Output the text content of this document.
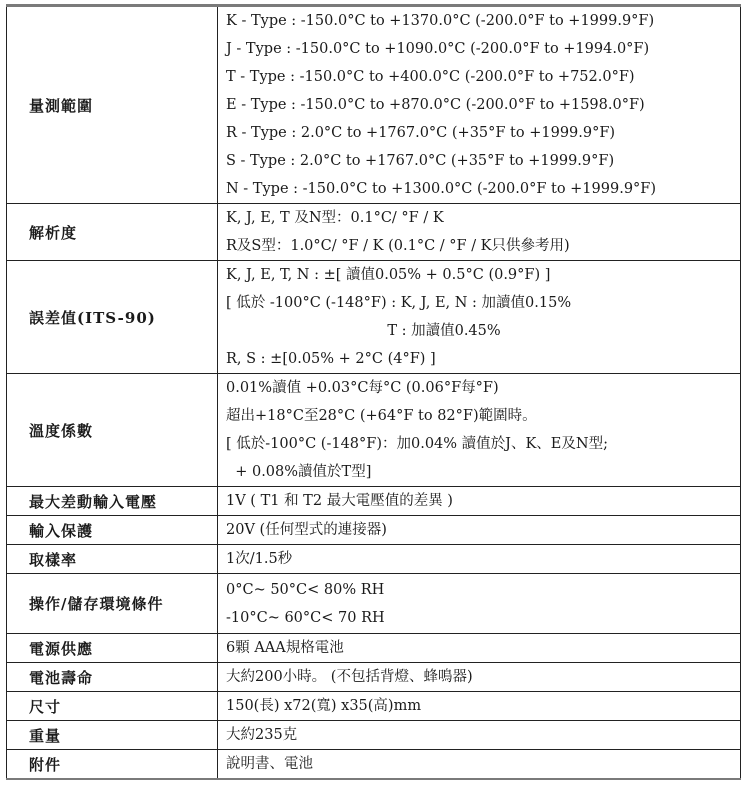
量測範圍	
K - Type : -150.0°C to +1370.0°C (-200.0°F to +1999.9°F)
J - Type : -150.0°C to +1090.0°C (-200.0°F to +1994.0°F)
T - Type : -150.0°C to +400.0°C (-200.0°F to +752.0°F)
E - Type : -150.0°C to +870.0°C (-200.0°F to +1598.0°F)
R - Type : 2.0°C to +1767.0°C (+35°F to +1999.9°F)
S - Type : 2.0°C to +1767.0°C (+35°F to +1999.9°F)
N - Type : -150.0°C to +1300.0°C (-200.0°F to +1999.9°F)

解析度	K, J, E, T 及N型：0.1°C/ °F / K
R及S型：1.0°C/ °F / K (0.1°C / °F / K只供參考用)

誤差值(ITS-90)	K, J, E, T, N : ±[ 讀值0.05% + 0.5°C (0.9°F) ]
[ 低於 -100°C (-148°F) : K, J, E, N : 加讀值0.15%
T : 加讀值0.45%
R, S : ±[0.05% + 2°C (4°F) ]

溫度係數	0.01%讀值 +0.03°C每°C (0.06°F每°F)
超出+18°C至28°C (+64°F to 82°F)範圍時。
[ 低於-100°C (-148°F)：加0.04% 讀值於J、K、E及N型;
+ 0.08%讀值於T型]

最大差動輸入電壓	1V ( T1 和 T2 最大電壓值的差異 )

輸入保護	20V (任何型式的連接器)

取樣率	1次/1.5秒

操作/儲存環境條件	0°C~ 50°C< 80% RH
-10°C~ 60°C< 70 RH

電源供應	6顆 AAA規格電池

電池壽命	大約200小時。 (不包括背燈、蜂鳴器)

尺寸	150(長) x72(寬) x35(高)mm

重量	大約235克

附件	說明書、電池
